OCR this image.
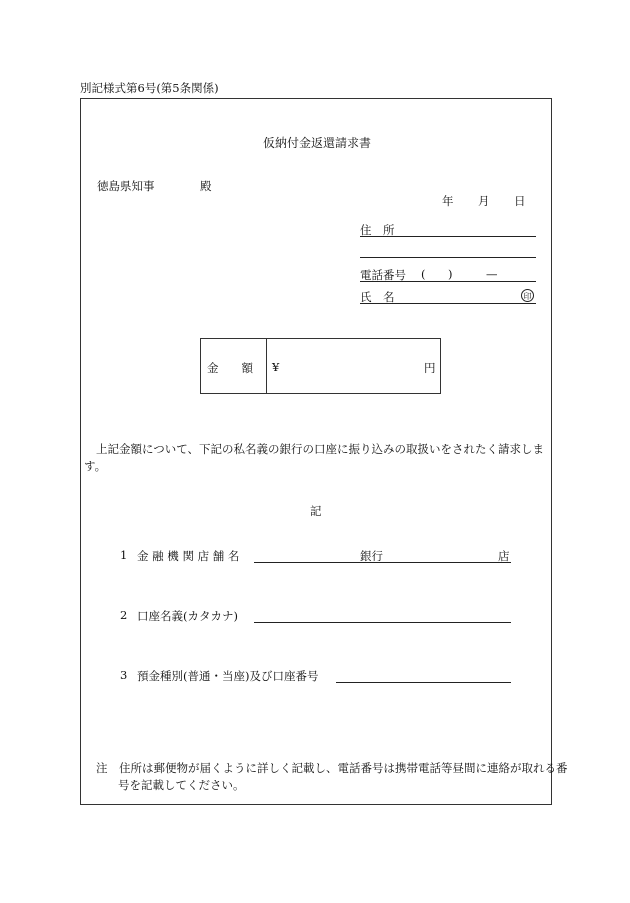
別記様式第6号(第5条関係)
仮納付金返還請求書
徳島県知事	殿
年 月 日
住　所
電話番号 ( )	—
氏　名	印
金　　額 ¥	円
上記金額について、下記の私名義の銀行の口座に振り込みの取扱いをされたく請求します。
記
1 金 融 機 関 店 舗 名	銀行	店
2 口座名義(カタカナ)
3 預金種別(普通・当座)及び口座番号
注　住所は郵便物が届くように詳しく記載し、電話番号は携帯電話等昼間に連絡が取れる番号を記載してください。
